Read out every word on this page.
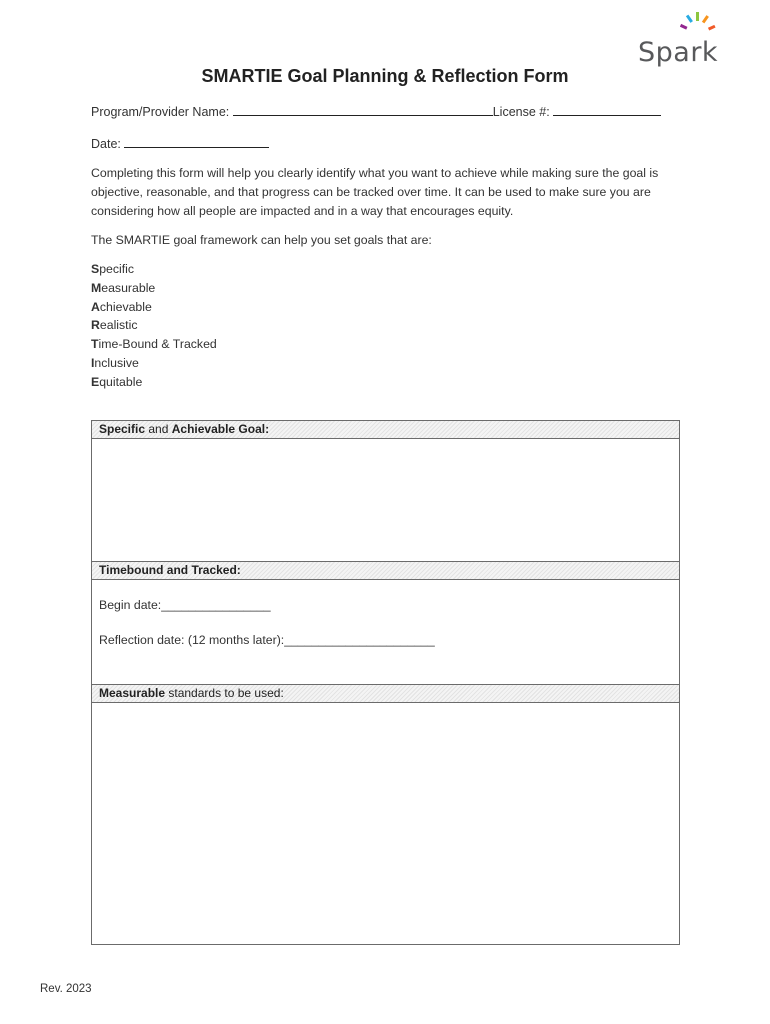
Spark
SMARTIE Goal Planning & Reflection Form
Program/Provider Name:	License #:
Date:
Completing this form will help you clearly identify what you want to achieve while making sure the goal is objective, reasonable, and that progress can be tracked over time. It can be used to make sure you are considering how all people are impacted and in a way that encourages equity.
The SMARTIE goal framework can help you set goals that are:
Specific
Measurable
Achievable
Realistic
Time-Bound & Tracked
Inclusive
Equitable
Specific and Achievable Goal:
Timebound and Tracked:
Begin date:________________
Reflection date: (12 months later):______________________
Measurable standards to be used:
Rev. 2023
